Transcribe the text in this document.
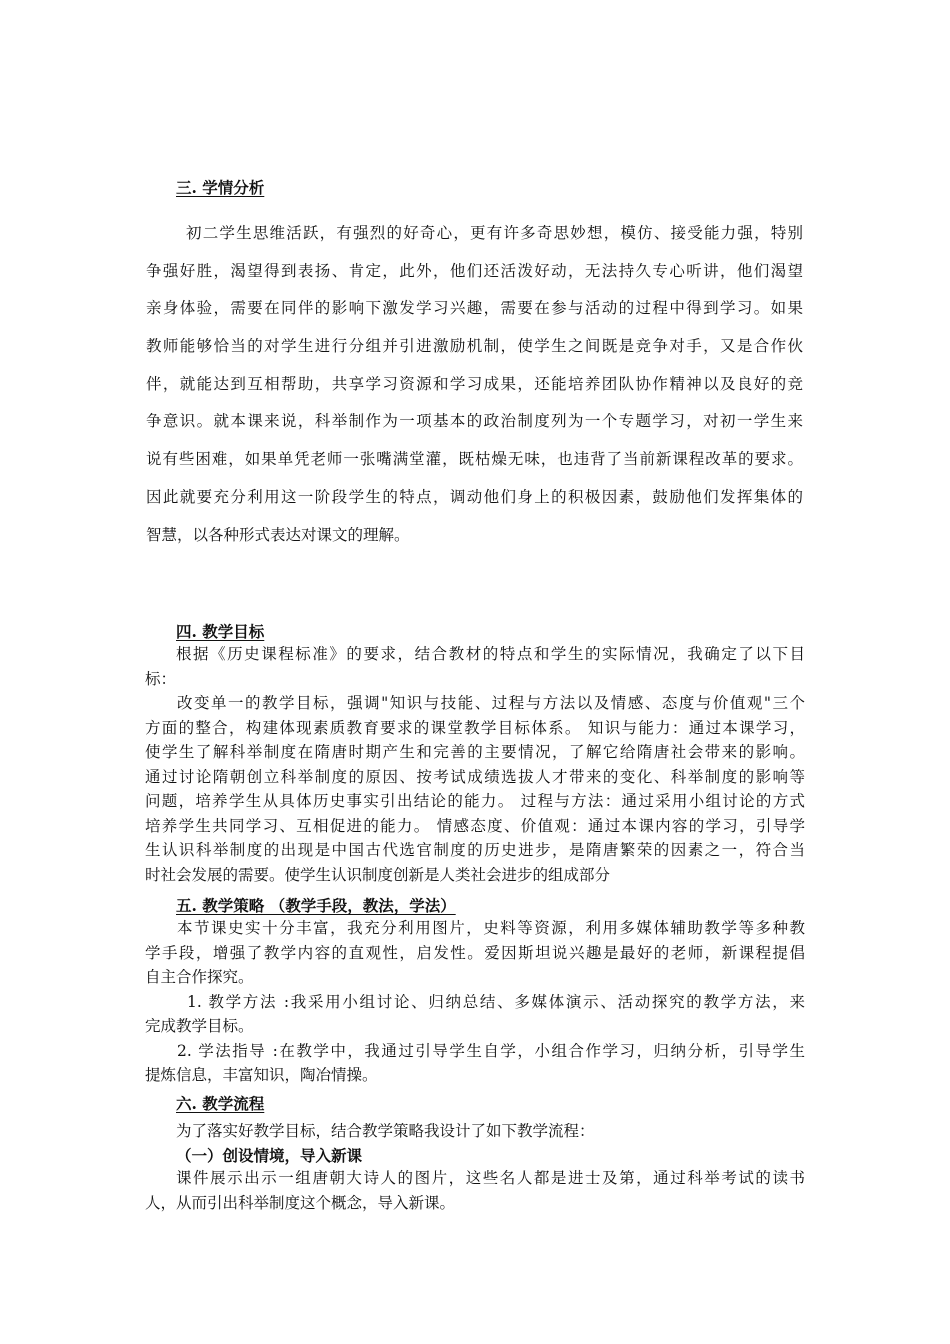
三. 学情分析

初二学生思维活跃，有强烈的好奇心，更有许多奇思妙想，模仿、接受能力强，特别

争强好胜，渴望得到表扬、肯定，此外，他们还活泼好动，无法持久专心听讲，他们渴望

亲身体验，需要在同伴的影响下激发学习兴趣，需要在参与活动的过程中得到学习。如果

教师能够恰当的对学生进行分组并引进激励机制，使学生之间既是竞争对手，又是合作伙

伴，就能达到互相帮助，共享学习资源和学习成果，还能培养团队协作精神以及良好的竞

争意识。就本课来说，科举制作为一项基本的政治制度列为一个专题学习，对初一学生来

说有些困难，如果单凭老师一张嘴满堂灌，既枯燥无味，也违背了当前新课程改革的要求。

因此就要充分利用这一阶段学生的特点，调动他们身上的积极因素，鼓励他们发挥集体的

智慧，以各种形式表达对课文的理解。

四. 教学目标

根据《历史课程标准》的要求，结合教材的特点和学生的实际情况，我确定了以下目

标：

改变单一的教学目标，强调"知识与技能、过程与方法以及情感、态度与价值观"三个

方面的整合，构建体现素质教育要求的课堂教学目标体系。 知识与能力：通过本课学习，

使学生了解科举制度在隋唐时期产生和完善的主要情况，了解它给隋唐社会带来的影响。

通过讨论隋朝创立科举制度的原因、按考试成绩选拔人才带来的变化、科举制度的影响等

问题，培养学生从具体历史事实引出结论的能力。 过程与方法：通过采用小组讨论的方式

培养学生共同学习、互相促进的能力。 情感态度、价值观：通过本课内容的学习，引导学

生认识科举制度的出现是中国古代选官制度的历史进步，是隋唐繁荣的因素之一，符合当

时社会发展的需要。使学生认识制度创新是人类社会进步的组成部分

五. 教学策略 （教学手段，教法，学法）

本节课史实十分丰富，我充分利用图片，史料等资源，利用多媒体辅助教学等多种教

学手段，增强了教学内容的直观性，启发性。爱因斯坦说兴趣是最好的老师，新课程提倡

自主合作探究。

1. 教学方法 :我采用小组讨论、归纳总结、多媒体演示、活动探究的教学方法，来

完成教学目标。

2. 学法指导 :在教学中，我通过引导学生自学，小组合作学习，归纳分析，引导学生

提炼信息，丰富知识，陶冶情操。

六. 教学流程
为了落实好教学目标，结合教学策略我设计了如下教学流程：
（一）创设情境，导入新课

课件展示出示一组唐朝大诗人的图片，这些名人都是进士及第，通过科举考试的读书

人，从而引出科举制度这个概念，导入新课。
